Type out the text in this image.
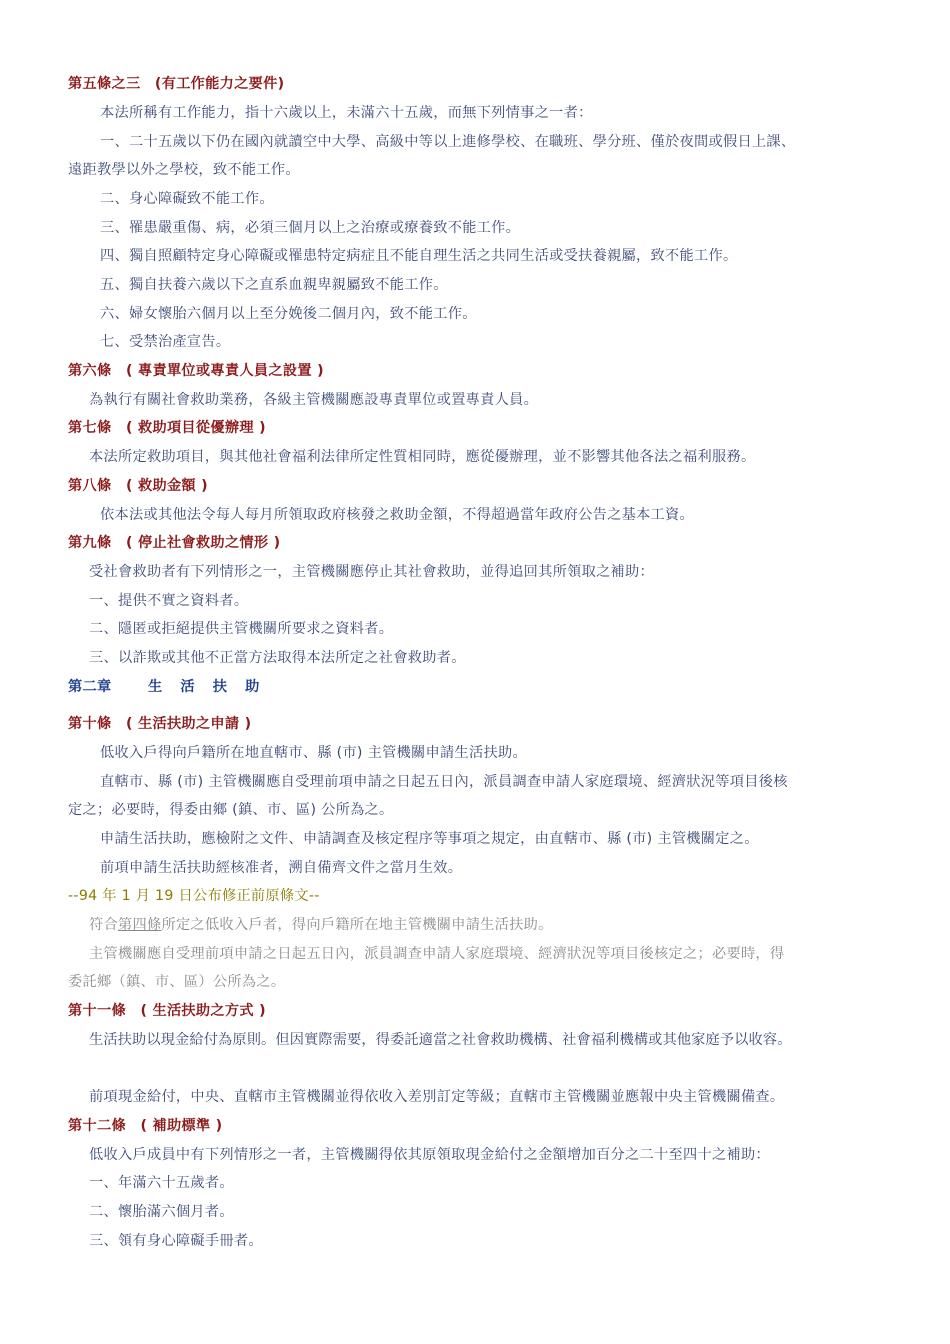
第五條之三　(有工作能力之要件)
本法所稱有工作能力，指十六歲以上，未滿六十五歲，而無下列情事之一者：
一、二十五歲以下仍在國內就讀空中大學、高級中等以上進修學校、在職班、學分班、僅於夜間或假日上課、
遠距教學以外之學校，致不能工作。
二、身心障礙致不能工作。
三、罹患嚴重傷、病，必須三個月以上之治療或療養致不能工作。
四、獨自照顧特定身心障礙或罹患特定病症且不能自理生活之共同生活或受扶養親屬，致不能工作。
五、獨自扶養六歲以下之直系血親卑親屬致不能工作。
六、婦女懷胎六個月以上至分娩後二個月內，致不能工作。
七、受禁治產宣告。
第六條　( 專責單位或專責人員之設置 )
為執行有關社會救助業務，各級主管機關應設專責單位或置專責人員。
第七條　( 救助項目從優辦理 )
本法所定救助項目，與其他社會福利法律所定性質相同時，應從優辦理，並不影響其他各法之福利服務。
第八條　( 救助金額 )
依本法或其他法令每人每月所領取政府核發之救助金額，不得超過當年政府公告之基本工資。
第九條　( 停止社會救助之情形 )
受社會救助者有下列情形之一，主管機關應停止其社會救助，並得追回其所領取之補助：
一、提供不實之資料者。
二、隱匿或拒絕提供主管機關所要求之資料者。
三、以詐欺或其他不正當方法取得本法所定之社會救助者。
第二章	生　活　扶　助
第十條　( 生活扶助之申請 )
低收入戶得向戶籍所在地直轄市、縣 (市) 主管機關申請生活扶助。
直轄市、縣 (市) 主管機關應自受理前項申請之日起五日內，派員調查申請人家庭環境、經濟狀況等項目後核
定之；必要時，得委由鄉 (鎮、市、區) 公所為之。
申請生活扶助，應檢附之文件、申請調查及核定程序等事項之規定，由直轄市、縣 (市) 主管機關定之。
前項申請生活扶助經核准者，溯自備齊文件之當月生效。
--94 年 1 月 19 日公布修正前原條文--
符合第四條所定之低收入戶者，得向戶籍所在地主管機關申請生活扶助。
主管機關應自受理前項申請之日起五日內，派員調查申請人家庭環境、經濟狀況等項目後核定之；必要時，得
委託鄉（鎮、市、區）公所為之。
第十一條　( 生活扶助之方式 )
生活扶助以現金給付為原則。但因實際需要，得委託適當之社會救助機構、社會福利機構或其他家庭予以收容。
前項現金給付，中央、直轄市主管機關並得依收入差別訂定等級；直轄市主管機關並應報中央主管機關備查。
第十二條　( 補助標準 )
低收入戶成員中有下列情形之一者，主管機關得依其原領取現金給付之金額增加百分之二十至四十之補助：
一、年滿六十五歲者。
二、懷胎滿六個月者。
三、領有身心障礙手冊者。
